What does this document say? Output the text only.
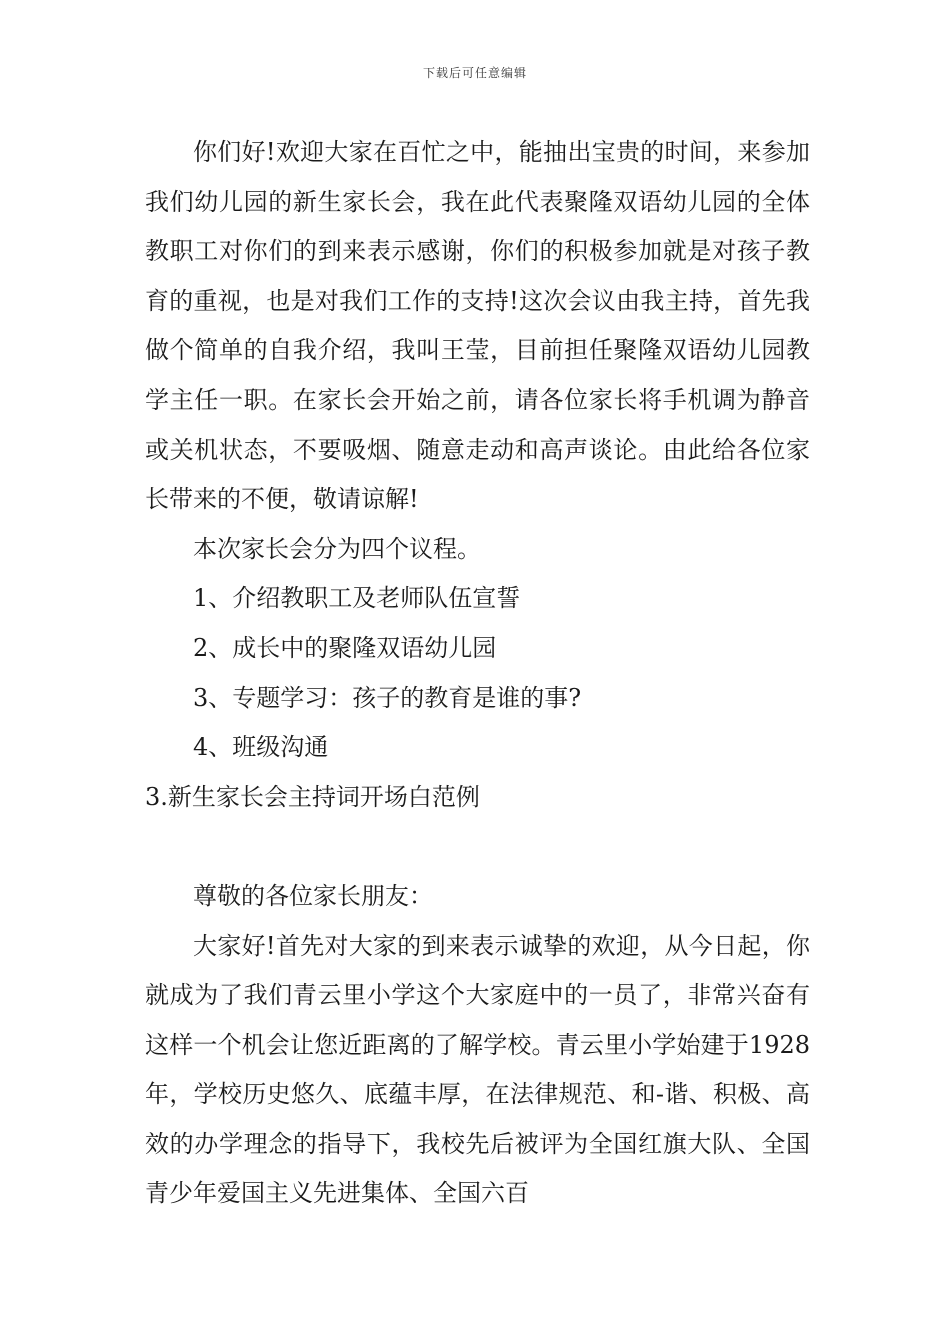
下载后可任意编辑

你们好!欢迎大家在百忙之中，能抽出宝贵的时间，来参加我们幼儿园的新生家长会，我在此代表聚隆双语幼儿园的全体教职工对你们的到来表示感谢，你们的积极参加就是对孩子教育的重视，也是对我们工作的支持!这次会议由我主持，首先我做个简单的自我介绍，我叫王莹，目前担任聚隆双语幼儿园教学主任一职。在家长会开始之前，请各位家长将手机调为静音或关机状态，不要吸烟、随意走动和高声谈论。由此给各位家长带来的不便，敬请谅解!

本次家长会分为四个议程。

1、介绍教职工及老师队伍宣誓

2、成长中的聚隆双语幼儿园

3、专题学习：孩子的教育是谁的事?

4、班级沟通

3.新生家长会主持词开场白范例

尊敬的各位家长朋友：

大家好!首先对大家的到来表示诚挚的欢迎，从今日起，你就成为了我们青云里小学这个大家庭中的一员了，非常兴奋有这样一个机会让您近距离的了解学校。青云里小学始建于1928年，学校历史悠久、底蕴丰厚，在法律规范、和-谐、积极、高效的办学理念的指导下，我校先后被评为全国红旗大队、全国青少年爱国主义先进集体、全国六百
